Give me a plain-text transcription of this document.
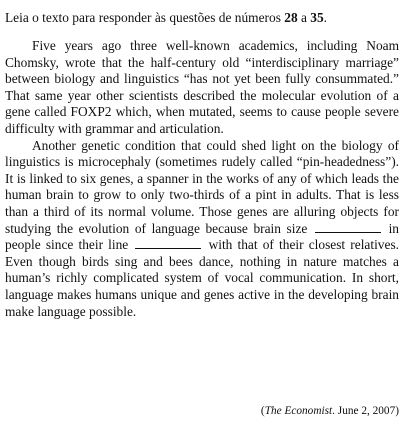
Leia o texto para responder às questões de números 28 a 35.

Five years ago three well-known academics, including Noam Chomsky, wrote that the half-century old “interdisciplinary marriage” between biology and linguistics “has not yet been fully consummated.” That same year other scientists described the molecular evolution of a gene called FOXP2 which, when mutated, seems to cause people severe difficulty with grammar and articulation.

Another genetic condition that could shed light on the biology of linguistics is microcephaly (sometimes rudely called “pin-headedness”). It is linked to six genes, a spanner in the works of any of which leads the human brain to grow to only two-thirds of a pint in adults. That is less than a third of its normal volume. Those genes are alluring objects for studying the evolution of language because brain size	in people since their line	with that of their closest relatives. Even though birds sing and bees dance, nothing in nature matches a human’s richly complicated system of vocal communication. In short, language makes humans unique and genes active in the developing brain make language possible.

(The Economist. June 2, 2007)
